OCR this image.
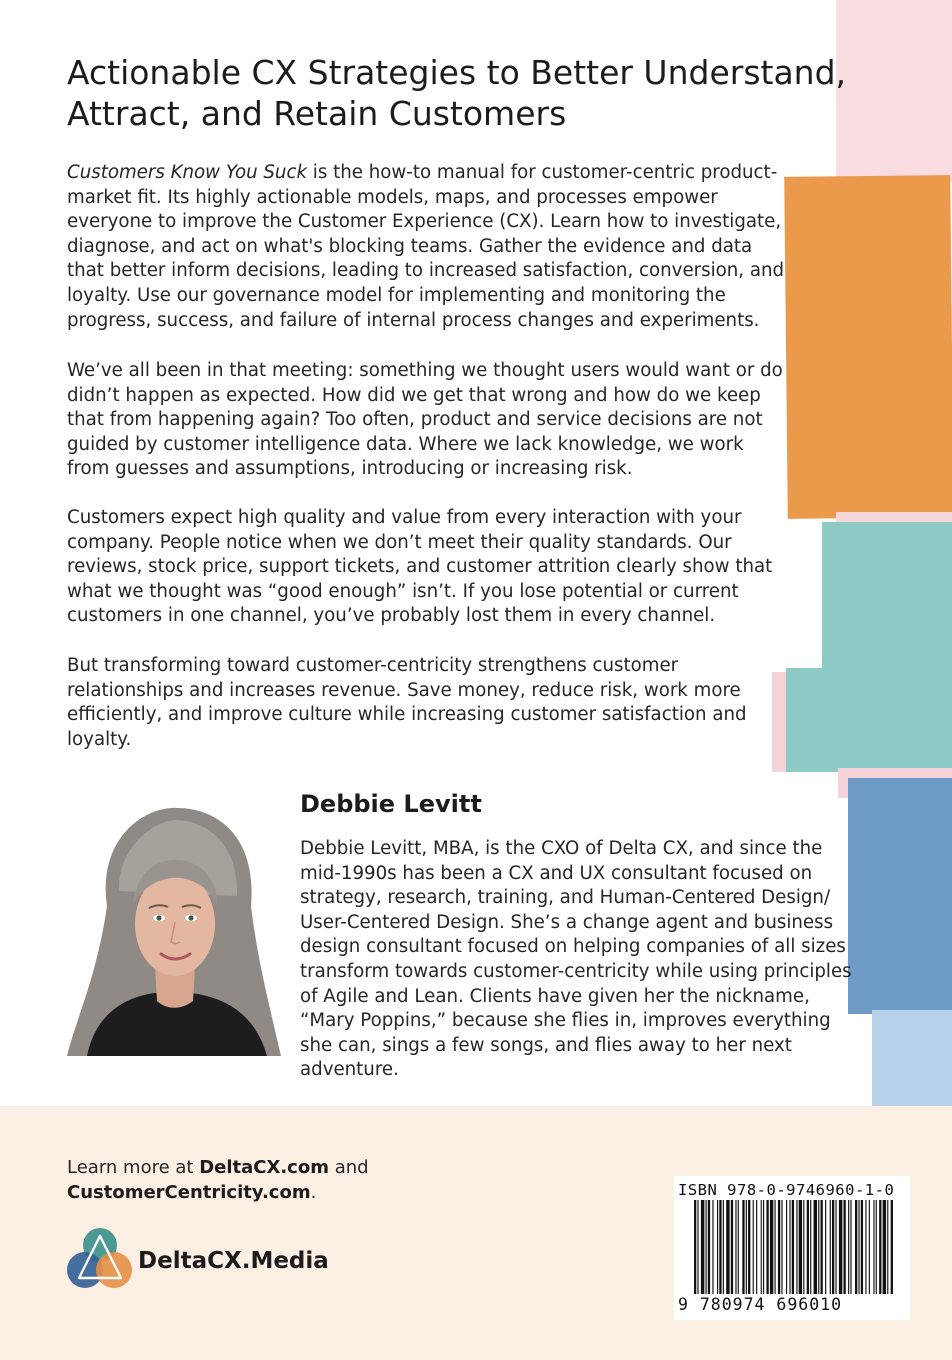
Actionable CX Strategies to Better Understand,
Attract, and Retain Customers

Customers Know You Suck is the how-to manual for customer-centric product-market fit. Its highly actionable models, maps, and processes empower everyone to improve the Customer Experience (CX). Learn how to investigate, diagnose, and act on what's blocking teams. Gather the evidence and data that better inform decisions, leading to increased satisfaction, conversion, and loyalty. Use our governance model for implementing and monitoring the progress, success, and failure of internal process changes and experiments.

We’ve all been in that meeting: something we thought users would want or do didn’t happen as expected. How did we get that wrong and how do we keep that from happening again? Too often, product and service decisions are not guided by customer intelligence data. Where we lack knowledge, we work from guesses and assumptions, introducing or increasing risk.

Customers expect high quality and value from every interaction with your company. People notice when we don’t meet their quality standards. Our reviews, stock price, support tickets, and customer attrition clearly show that what we thought was “good enough” isn’t. If you lose potential or current customers in one channel, you’ve probably lost them in every channel.

But transforming toward customer-centricity strengthens customer relationships and increases revenue. Save money, reduce risk, work more efficiently, and improve culture while increasing customer satisfaction and loyalty.

Debbie Levitt

Debbie Levitt, MBA, is the CXO of Delta CX, and since the mid-1990s has been a CX and UX consultant focused on strategy, research, training, and Human-Centered Design/ User-Centered Design. She’s a change agent and business design consultant focused on helping companies of all sizes transform towards customer-centricity while using principles of Agile and Lean. Clients have given her the nickname, “Mary Poppins,” because she flies in, improves everything she can, sings a few songs, and flies away to her next adventure.

Learn more at DeltaCX.com and
CustomerCentricity.com.

DeltaCX.Media
ISBN 978-0-9746960-1-0
9 780974 696010
